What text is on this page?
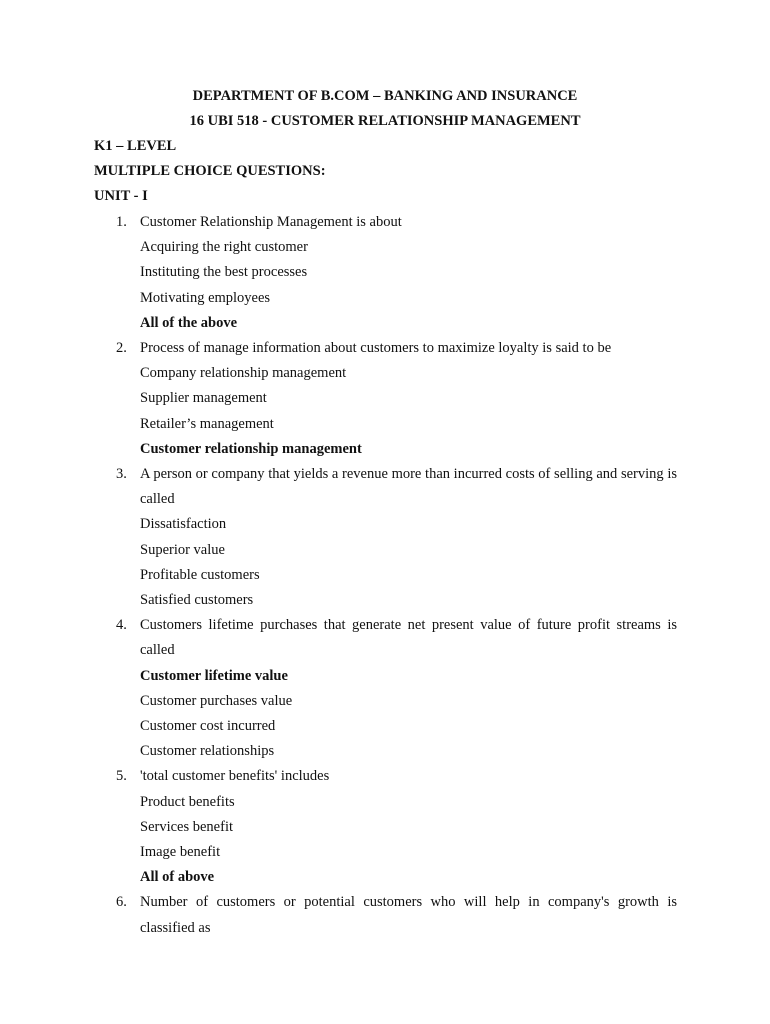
DEPARTMENT OF B.COM – BANKING AND INSURANCE
16 UBI 518 - CUSTOMER RELATIONSHIP MANAGEMENT
K1 – LEVEL
MULTIPLE CHOICE QUESTIONS:
UNIT - I
1. Customer Relationship Management is about
Acquiring the right customer
Instituting the best processes
Motivating employees
All of the above
2. Process of manage information about customers to maximize loyalty is said to be
Company relationship management
Supplier management
Retailer’s management
Customer relationship management
3. A person or company that yields a revenue more than incurred costs of selling and serving is called
Dissatisfaction
Superior value
Profitable customers
Satisfied customers
4. Customers lifetime purchases that generate net present value of future profit streams is called
Customer lifetime value
Customer purchases value
Customer cost incurred
Customer relationships
5. 'total customer benefits' includes
Product benefits
Services benefit
Image benefit
All of above
6. Number of customers or potential customers who will help in company's growth is classified as
